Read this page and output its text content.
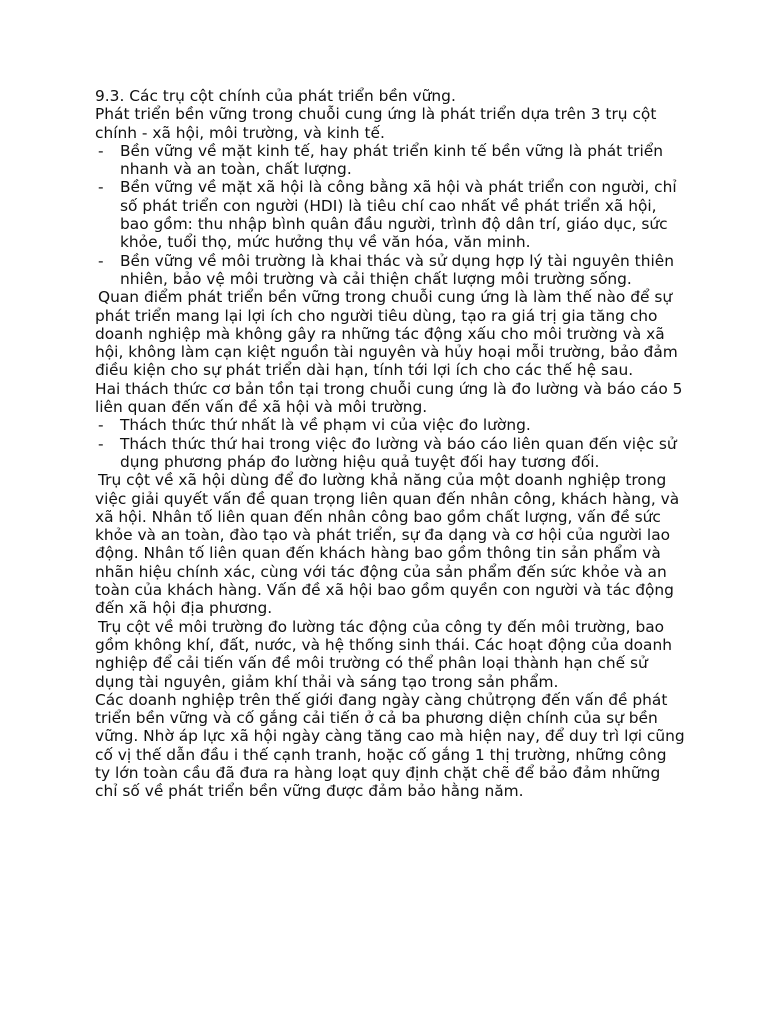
9.3. Các trụ cột chính của phát triển bền vững.

Phát triển bền vững trong chuỗi cung ứng là phát triển dựa trên 3 trụ cột chính - xã hội, môi trường, và kinh tế.

- Bền vững về mặt kinh tế, hay phát triển kinh tế bền vững là phát triển nhanh và an toàn, chất lượng.
- Bền vững về mặt xã hội là công bằng xã hội và phát triển con người, chỉ số phát triển con người (HDI) là tiêu chí cao nhất về phát triển xã hội, bao gồm: thu nhập bình quân đầu người, trình độ dân trí, giáo dục, sức khỏe, tuổi thọ, mức hưởng thụ về văn hóa, văn minh.
- Bền vững về môi trường là khai thác và sử dụng hợp lý tài nguyên thiên nhiên, bảo vệ môi trường và cải thiện chất lượng môi trường sống.

Quan điểm phát triển bền vững trong chuỗi cung ứng là làm thế nào để sự phát triển mang lại lợi ích cho người tiêu dùng, tạo ra giá trị gia tăng cho doanh nghiệp mà không gây ra những tác động xấu cho môi trường và xã hội, không làm cạn kiệt nguồn tài nguyên và hủy hoại mỗi trường, bảo đảm điều kiện cho sự phát triển dài hạn, tính tới lợi ích cho các thế hệ sau.

Hai thách thức cơ bản tồn tại trong chuỗi cung ứng là đo lường và báo cáo 5 liên quan đến vấn đề xã hội và môi trường.

- Thách thức thứ nhất là về phạm vi của việc đo lường.
- Thách thức thứ hai trong việc đo lường và báo cáo liên quan đến việc sử dụng phương pháp đo lường hiệu quả tuyệt đối hay tương đối.

Trụ cột về xã hội dùng để đo lường khả năng của một doanh nghiệp trong việc giải quyết vấn đề quan trọng liên quan đến nhân công, khách hàng, và xã hội. Nhân tố liên quan đến nhân công bao gồm chất lượng, vấn đề sức khỏe và an toàn, đào tạo và phát triển, sự đa dạng và cơ hội của người lao động. Nhân tố liên quan đến khách hàng bao gồm thông tin sản phẩm và nhãn hiệu chính xác, cùng với tác động của sản phẩm đến sức khỏe và an toàn của khách hàng. Vấn đề xã hội bao gồm quyền con người và tác động đến xã hội địa phương.

Trụ cột về môi trường đo lường tác động của công ty đến môi trường, bao gồm không khí, đất, nước, và hệ thống sinh thái. Các hoạt động của doanh nghiệp để cải tiến vấn đề môi trường có thể phân loại thành hạn chế sử dụng tài nguyên, giảm khí thải và sáng tạo trong sản phẩm.

Các doanh nghiệp trên thế giới đang ngày càng chủtrọng đến vấn đề phát triển bền vững và cố gắng cải tiến ở cả ba phương diện chính của sự bền vững. Nhờ áp lực xã hội ngày càng tăng cao mà hiện nay, để duy trì lợi cũng cố vị thế dẫn đầu i thế cạnh tranh, hoặc cố gắng 1 thị trường, những công ty lớn toàn cầu đã đưa ra hàng loạt quy định chặt chẽ để bảo đảm những chỉ số về phát triển bền vững được đảm bảo hằng năm.
